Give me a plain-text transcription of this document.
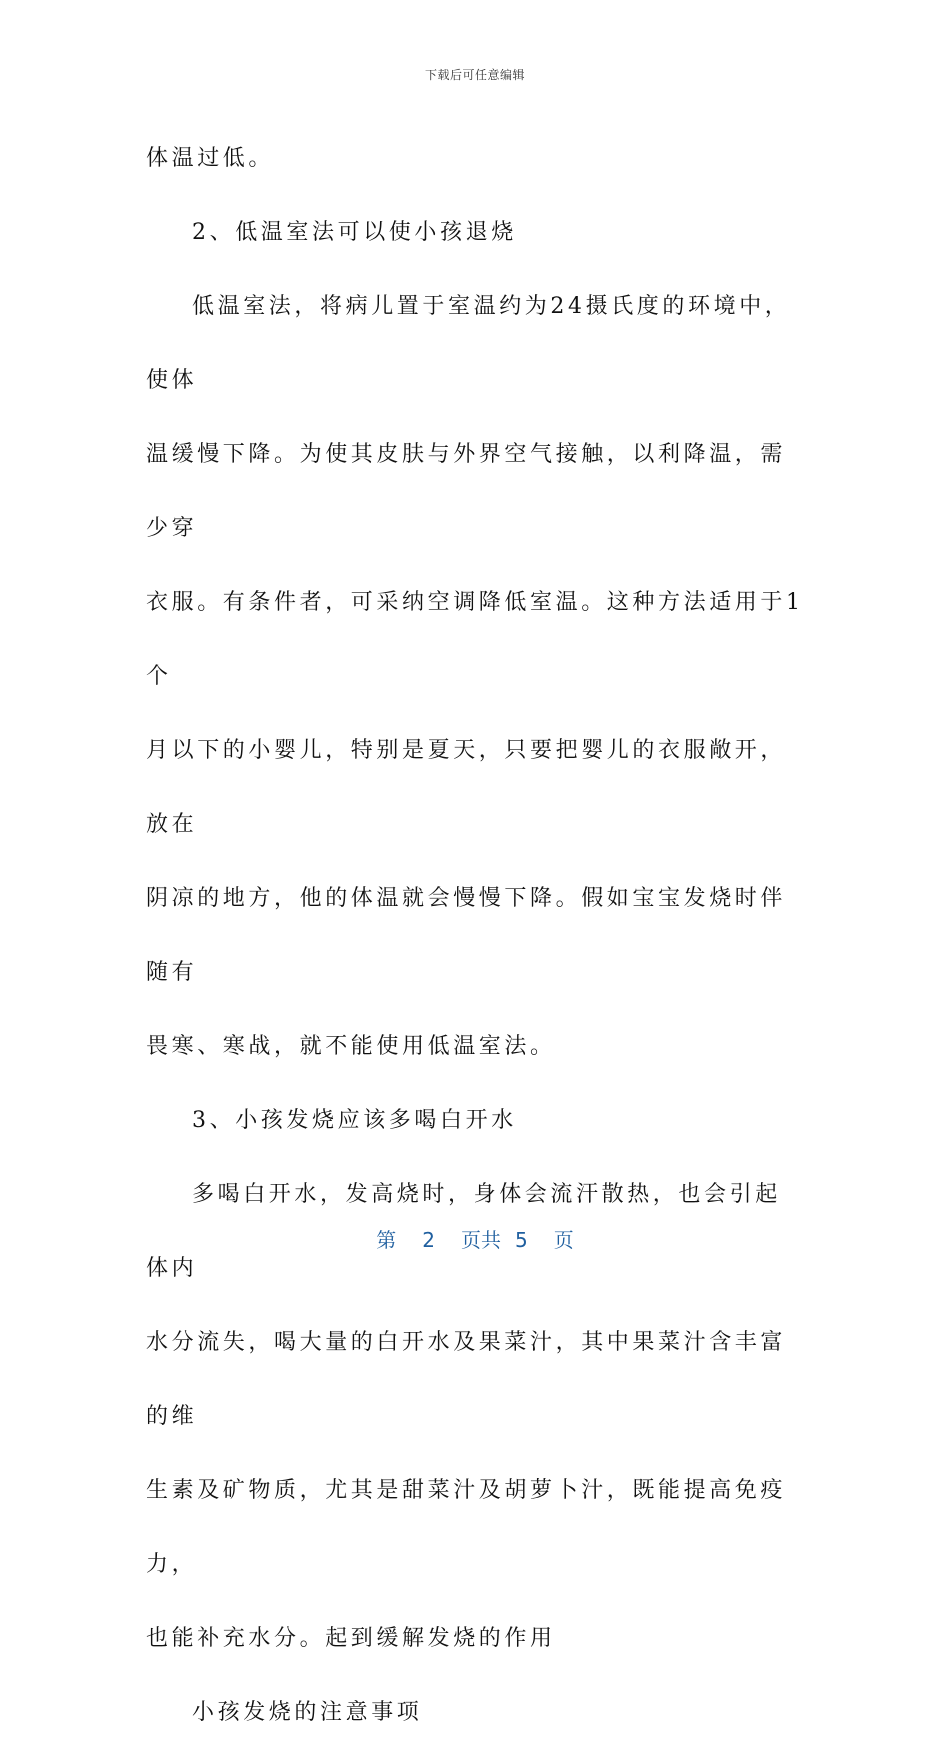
下载后可任意编辑

体温过低。

2、低温室法可以使小孩退烧

低温室法，将病儿置于室温约为24摄氏度的环境中，使体

温缓慢下降。为使其皮肤与外界空气接触，以利降温，需少穿

衣服。有条件者，可采纳空调降低室温。这种方法适用于1个

月以下的小婴儿，特别是夏天，只要把婴儿的衣服敞开，放在

阴凉的地方，他的体温就会慢慢下降。假如宝宝发烧时伴随有

畏寒、寒战，就不能使用低温室法。

3、小孩发烧应该多喝白开水

多喝白开水，发高烧时，身体会流汗散热，也会引起体内

水分流失，喝大量的白开水及果菜汁，其中果菜汁含丰富的维

生素及矿物质，尤其是甜菜汁及胡萝卜汁，既能提高免疫力，

也能补充水分。起到缓解发烧的作用

小孩发烧的注意事项

第 2 页共 5 页
